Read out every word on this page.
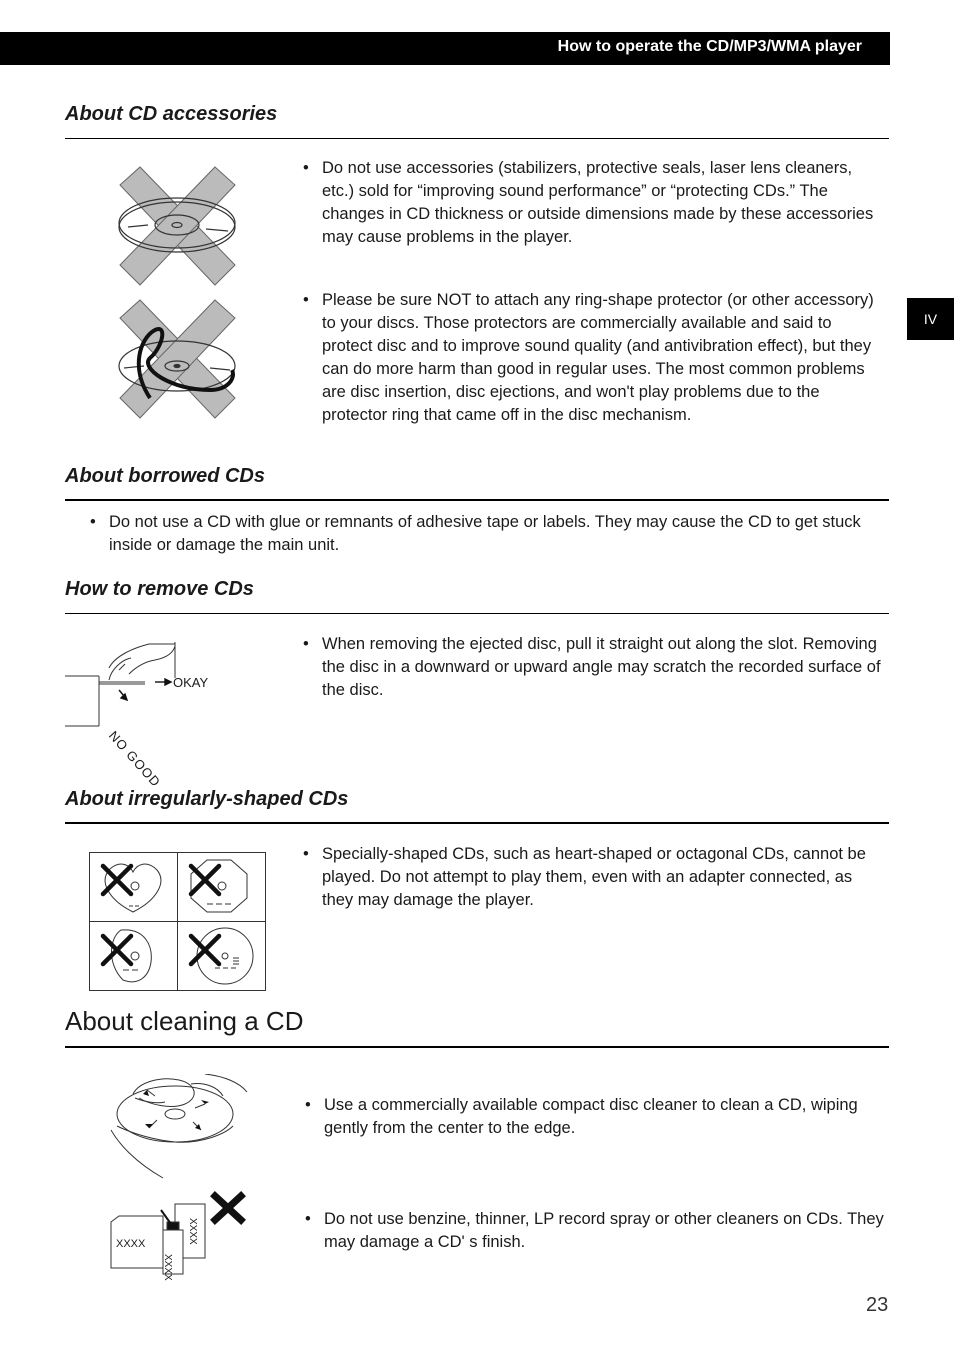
How to operate the CD/MP3/WMA player
IV
About CD accessories
• Do not use accessories (stabilizers, protective seals, laser lens cleaners, etc.) sold for “improving sound performance” or “protecting CDs.” The changes in CD thickness or outside dimensions made by these accessories may cause problems in the player.
• Please be sure NOT to attach any ring-shape protector (or other accessory) to your discs. Those protectors are commercially available and said to protect disc and to improve sound quality (and antivibration effect), but they can do more harm than good in regular uses. The most common problems are disc insertion, disc ejections, and won't play problems due to the protector ring that came off in the disc mechanism.
About borrowed CDs
• Do not use a CD with glue or remnants of adhesive tape or labels. They may cause the CD to get stuck inside or damage the main unit.
How to remove CDs
OKAY
NO GOOD
• When removing the ejected disc, pull it straight out along the slot. Removing the disc in a downward or upward angle may scratch the recorded surface of the disc.
About irregularly-shaped CDs
• Specially-shaped CDs, such as heart-shaped or octagonal CDs, cannot be played. Do not attempt to play them, even with an adapter connected, as they may damage the player.
About cleaning a CD
XXXX
XXXX
XXXX
• Use a commercially available compact disc cleaner to clean a CD, wiping gently from the center to the edge.
• Do not use benzine, thinner, LP record spray or other cleaners on CDs. They may damage a CD' s finish.
23
